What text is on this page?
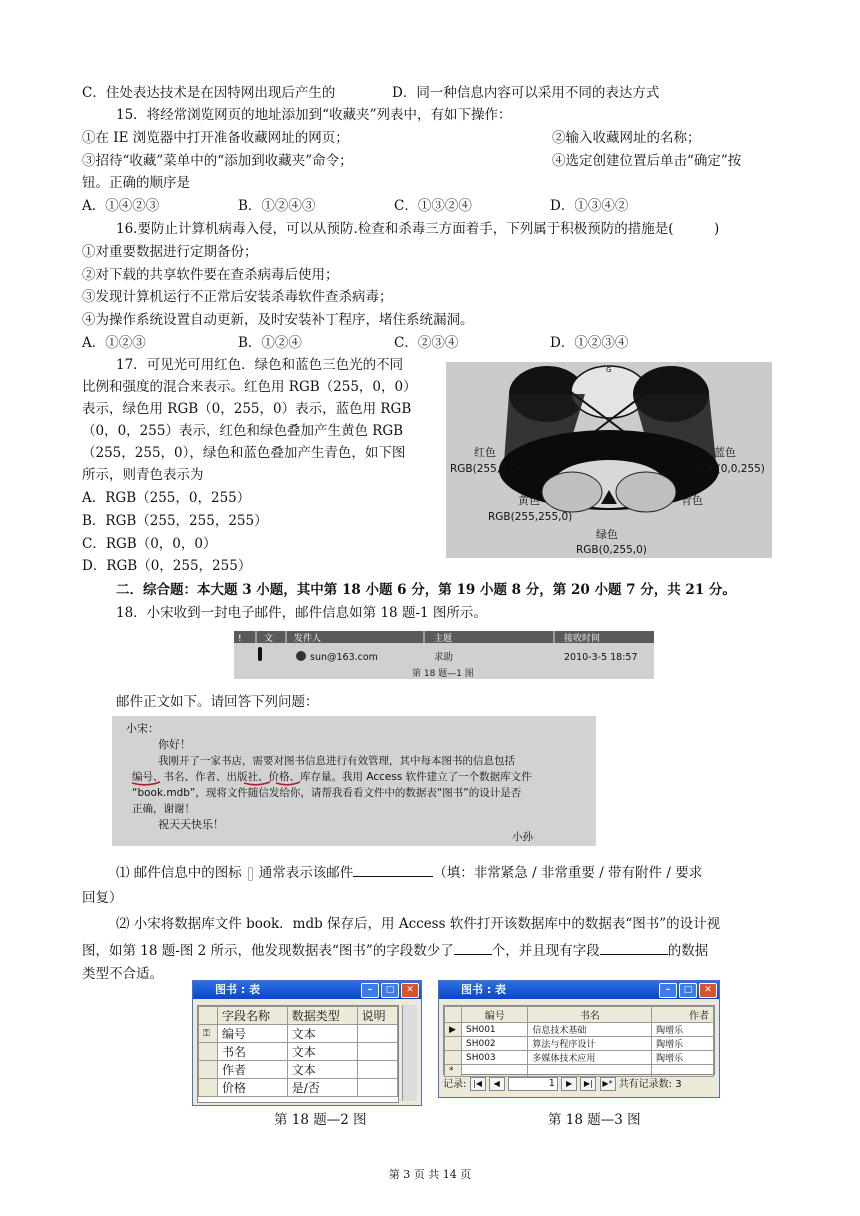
C．住处表达技术是在因特网出现后产生的	D．同一种信息内容可以采用不同的表达方式
15．将经常浏览网页的地址添加到“收藏夹”列表中，有如下操作：
①在 IE 浏览器中打开准备收藏网址的网页；	②输入收藏网址的名称；
③招待“收藏”菜单中的“添加到收藏夹”命令；	④选定创建位置后单击“确定”按
钮。正确的顺序是
A．①④②③	B．①②④③	C．①③②④	D．①③④②
16.要防止计算机病毒入侵，可以从预防.检查和杀毒三方面着手，下列属于积极预防的措施是(　　　)
①对重要数据进行定期备份；
②对下载的共享软件要在查杀病毒后使用；
③发现计算机运行不正常后安装杀毒软件查杀病毒；
④为操作系统设置自动更新，及时安装补丁程序，堵住系统漏洞。
A．①②③	B．①②④	C．②③④	D．①②③④
17．可见光可用红色．绿色和蓝色三色光的不同
比例和强度的混合来表示。红色用 RGB（255，0，0）
表示，绿色用 RGB（0，255，0）表示，蓝色用 RGB
（0，0，255）表示，红色和绿色叠加产生黄色 RGB
（255，255，0），绿色和蓝色叠加产生青色，如下图
所示，则青色表示为
A．RGB（255，0，255）
B．RGB（255，255，255）
C．RGB（0，0，0）
D．RGB（0，255，255）
R	G	B
红色
RGB(255,0,0)
蓝色
RGB(0,0,255)
黄色
RGB(255,255,0)
青色
绿色
RGB(0,255,0)
二．综合题：本大题 3 小题，其中第 18 小题 6 分，第 19 小题 8 分，第 20 小题 7 分，共 21 分。
18．小宋收到一封电子邮件，邮件信息如第 18 题-1 图所示。
! 文 发件人	主题	接收时间
sun@163.com	求助	2010-3-5 18:57
第 18 题—1 图
邮件正文如下。请回答下列问题：
小宋：
你好！
我刚开了一家书店，需要对图书信息进行有效管理，其中每本图书的信息包括
编号、书名、作者、出版社、价格、库存量。我用 Access 软件建立了一个数据库文件
“book.mdb”，现将文件随信发给你，请帮我看看文件中的数据表“图书”的设计是否
正确，谢谢！
祝天天快乐！
小孙
⑴ 邮件信息中的图标 通常表示该邮件	（填：非常紧急 / 非常重要 / 带有附件 / 要求
回复）
⑵ 小宋将数据库文件 book．mdb 保存后，用 Access 软件打开该数据库中的数据表“图书”的设计视
图，如第 18 题-图 2 所示，他发现数据表“图书”的字段数少了	个，并且现有字段	的数据
类型不合适。
图书 : 表	–	□	✕
	字段名称	数据类型	说明
⚿	编号	文本	
	书名	文本	
	作者	文本	
	价格	是/否	
图书 : 表	–	□	✕
	编号	书名	作者
▶	SH001	信息技术基础	陶增乐
	SH002	算法与程序设计	陶增乐
	SH003	多媒体技术应用	陶增乐
*			
记录: |◀ ◀	1 ▶ ▶| ▶* 共有记录数: 3
第 18 题—2 图	第 18 题—3 图
第 3 页 共 14 页
